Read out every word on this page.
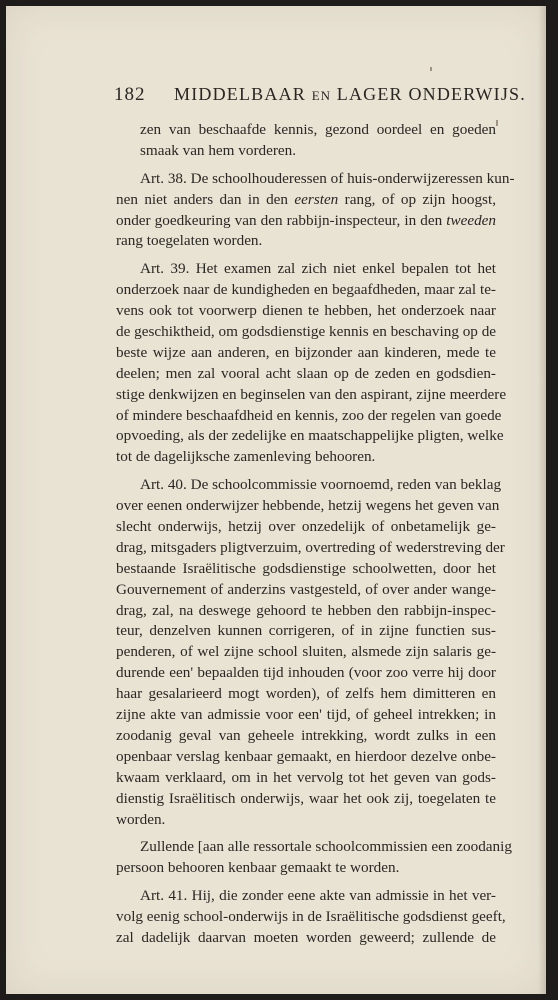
182 MIDDELBAAR EN LAGER ONDERWIJS.
zen van beschaafde kennis, gezond oordeel en goeden
smaak van hem vorderen.
Art. 38. De schoolhouderessen of huis-onderwijzeressen kun-
nen niet anders dan in den eersten rang, of op zijn hoogst,
onder goedkeuring van den rabbijn-inspecteur, in den tweeden
rang toegelaten worden.
Art. 39. Het examen zal zich niet enkel bepalen tot het
onderzoek naar de kundigheden en begaafdheden, maar zal te-
vens ook tot voorwerp dienen te hebben, het onderzoek naar
de geschiktheid, om godsdienstige kennis en beschaving op de
beste wijze aan anderen, en bijzonder aan kinderen, mede te
deelen; men zal vooral acht slaan op de zeden en godsdien-
stige denkwijzen en beginselen van den aspirant, zijne meerdere
of mindere beschaafdheid en kennis, zoo der regelen van goede
opvoeding, als der zedelijke en maatschappelijke pligten, welke
tot de dagelijksche zamenleving behooren.
Art. 40. De schoolcommissie voornoemd, reden van beklag
over eenen onderwijzer hebbende, hetzij wegens het geven van
slecht onderwijs, hetzij over onzedelijk of onbetamelijk ge-
drag, mitsgaders pligtverzuim, overtreding of wederstreving der
bestaande Israëlitische godsdienstige schoolwetten, door het
Gouvernement of anderzins vastgesteld, of over ander wange-
drag, zal, na deswege gehoord te hebben den rabbijn-inspec-
teur, denzelven kunnen corrigeren, of in zijne functien sus-
penderen, of wel zijne school sluiten, alsmede zijn salaris ge-
durende een' bepaalden tijd inhouden (voor zoo verre hij door
haar gesalarieerd mogt worden), of zelfs hem dimitteren en
zijne akte van admissie voor een' tijd, of geheel intrekken; in
zoodanig geval van geheele intrekking, wordt zulks in een
openbaar verslag kenbaar gemaakt, en hierdoor dezelve onbe-
kwaam verklaard, om in het vervolg tot het geven van gods-
dienstig Israëlitisch onderwijs, waar het ook zij, toegelaten te
worden.
Zullende [aan alle ressortale schoolcommissien een zoodanig
persoon behooren kenbaar gemaakt te worden.
Art. 41. Hij, die zonder eene akte van admissie in het ver-
volg eenig school-onderwijs in de Israëlitische godsdienst geeft,
zal dadelijk daarvan moeten worden geweerd; zullende de
